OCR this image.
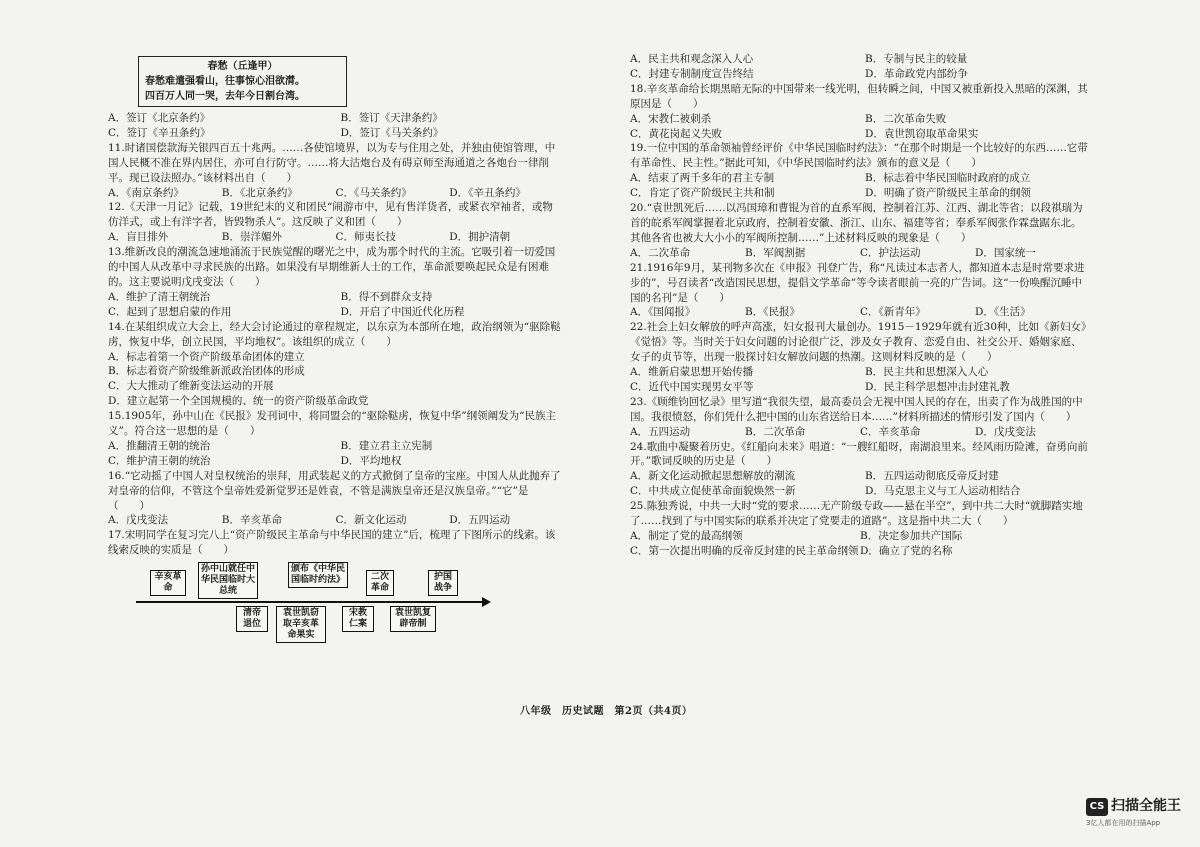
春愁（丘逢甲）
春愁难遣强看山，往事惊心泪欲潸。
四百万人同一哭，去年今日割台湾。
A．签订《北京条约》	B．签订《天津条约》
C．签订《辛丑条约》	D．签订《马关条约》
11.时诸国偿款海关银四百五十兆两。……各使馆境界，以为专与住用之处，并独由使馆管理，中国人民概不准在界内居住，亦可自行防守。……将大沽炮台及有碍京师至海通道之各炮台一律削平。现已设法照办。”该材料出自（　　）
A．《南京条约》	B．《北京条约》	C．《马关条约》	D．《辛丑条约》
12.《天津一月记》记载，19世纪末的义和团民“闹游市中，见有售洋货者，或紧衣窄袖者，或物仿洋式，或上有洋字者，皆毁物杀人”。这反映了义和团（　　）
A．盲目排外	B．崇洋媚外	C．师夷长技	D．拥护清朝
13.维新改良的潮流急速地涌流于民族觉醒的曙光之中，成为那个时代的主流。它吸引着一切爱国的中国人从改革中寻求民族的出路。如果没有早期维新人士的工作，革命派要唤起民众是有困难的。这主要说明戊戌变法（　　）
A．维护了清王朝统治	B．得不到群众支持
C．起到了思想启蒙的作用	D．开启了中国近代化历程
14.在某组织成立大会上，经大会讨论通过的章程规定，以东京为本部所在地，政治纲领为“驱除鞑虏，恢复中华，创立民国，平均地权”。该组织的成立（　　）
A．标志着第一个资产阶级革命团体的建立
B．标志着资产阶级维新派政治团体的形成
C．大大推动了维新变法运动的开展
D．建立起第一个全国规模的、统一的资产阶级革命政党
15.1905年，孙中山在《民报》发刊词中，将同盟会的“驱除鞑虏，恢复中华”纲领阐发为“民族主义”。符合这一思想的是（　　）
A．推翻清王朝的统治	B．建立君主立宪制
C．维护清王朝的统治	D．平均地权
16.“它动摇了中国人对皇权统治的崇拜，用武装起义的方式掀倒了皇帝的宝座。中国人从此抛弃了对皇帝的信仰，不管这个皇帝姓爱新觉罗还是姓袁，不管是满族皇帝还是汉族皇帝。”“它”是（　　）
A．戊戌变法	B．辛亥革命	C．新文化运动	D．五四运动
17.宋明同学在复习完八上“资产阶级民主革命与中华民国的建立”后，梳理了下图所示的线索。该线索反映的实质是（　　）
辛亥革命
孙中山就任中华民国临时大总统
颁布《中华民国临时约法》	二次革命
护国战争
清帝退位
袁世凯窃取辛亥革命果实
宋教仁案
袁世凯复辟帝制
A．民主共和观念深入人心	B．专制与民主的较量
C．封建专制制度宣告终结	D．革命政党内部纷争
18.辛亥革命给长期黑暗无际的中国带来一线光明，但转瞬之间，中国又被重新投入黑暗的深渊，其原因是（　　）
A．宋教仁被刺杀	B．二次革命失败
C．黄花岗起义失败	D．袁世凯窃取革命果实
19.一位中国的革命领袖曾经评价《中华民国临时约法》：“在那个时期是一个比较好的东西……它带有革命性、民主性。”据此可知，《中华民国临时约法》颁布的意义是（　　）
A．结束了两千多年的君主专制	B．标志着中华民国临时政府的成立
C．肯定了资产阶级民主共和制	D．明确了资产阶级民主革命的纲领
20.“袁世凯死后……以冯国璋和曹锟为首的直系军阀，控制着江苏、江西、湖北等省；以段祺瑞为首的皖系军阀掌握着北京政府，控制着安徽、浙江、山东、福建等省；奉系军阀张作霖盘踞东北。其他各省也被大大小小的军阀所控制……”上述材料反映的现象是（　　）
A．二次革命	B．军阀割据	C．护法运动	D．国家统一
21.1916年9月，某刊物多次在《申报》刊登广告，称“凡读过本志者人，都知道本志是时常要求进步的”，号召读者“改造国民思想，提倡文学革命”等令读者眼前一亮的广告词。这“一份唤醒沉睡中国的名刊”是（　　）
A．《国闻报》	B．《民报》	C．《新青年》	D．《生活》
22.社会上妇女解放的呼声高涨，妇女报刊大量创办。1915－1929年就有近30种，比如《新妇女》《觉悟》等。当时关于妇女问题的讨论很广泛，涉及女子教育、恋爱自由、社交公开、婚姻家庭、女子的贞节等，出现一股探讨妇女解放问题的热潮。这则材料反映的是（　　）
A．维新启蒙思想开始传播	B．民主共和思想深入人心
C．近代中国实现男女平等	D．民主科学思想冲击封建礼教
23.《顾维钧回忆录》里写道“我很失望，最高委员会无视中国人民的存在，出卖了作为战胜国的中国。我很愤怒，你们凭什么把中国的山东省送给日本……”材料所描述的情形引发了国内（　　）
A．五四运动	B．二次革命	C．辛亥革命	D．戊戌变法
24.歌曲中凝聚着历史。《红船向未来》唱道：“一艘红船呀，南湖浪里来。经风雨历险滩，奋勇向前开。”歌词反映的历史是（　　）
A．新文化运动掀起思想解放的潮流	B．五四运动彻底反帝反封建
C．中共成立促使革命面貌焕然一新	D．马克思主义与工人运动相结合
25.陈独秀说，中共一大时“党的要求……无产阶级专政——悬在半空”，到中共二大时“就脚踏实地了……找到了与中国实际的联系并决定了党要走的道路”。这是指中共二大（　　）
A．制定了党的最高纲领	B．决定参加共产国际
C．第一次提出明确的反帝反封建的民主革命纲领 D．确立了党的名称
八年级　历史试题　第2页（共4页）
CS 扫描全能王
3亿人都在用的扫描App
